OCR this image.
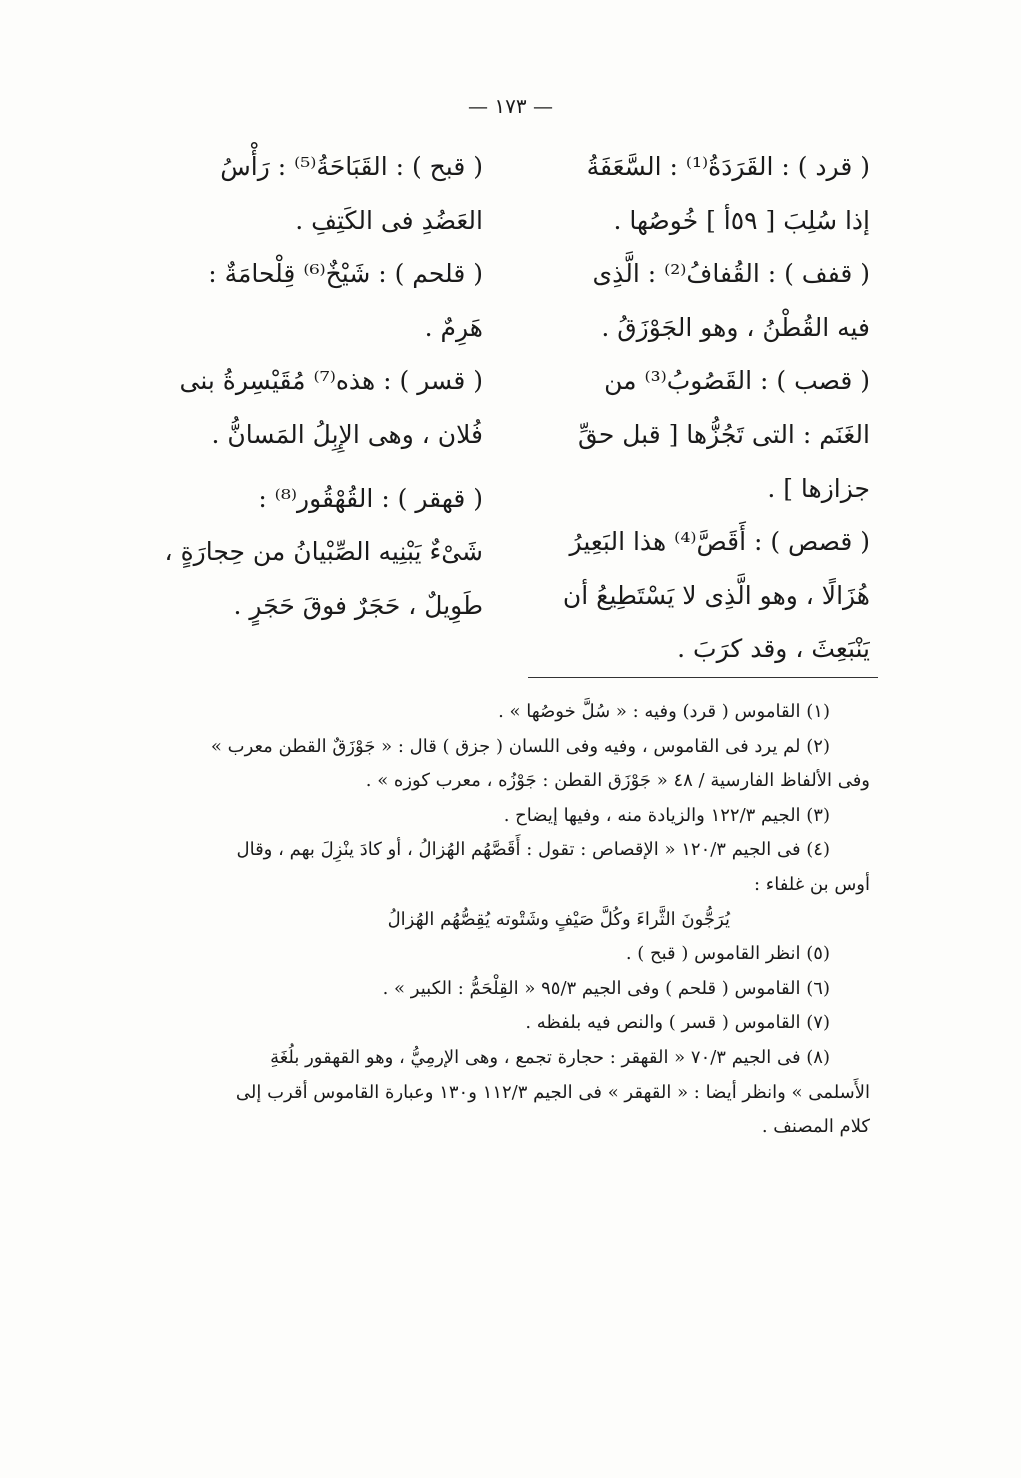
— ١٧٣ —
( قرد ) : القَرَدَةُ⁽¹⁾ : السَّعَفَةُ
إذا سُلِبَ [ ٥٩أ ] خُوصُها .
( قفف ) : القُفافُ⁽²⁾ : الَّذِى
فيه القُطْنُ ، وهو الجَوْزَقُ .
( قصب ) : القَصُوبُ⁽³⁾ من
الغَنَم : التى تَجُزُّها [ قبل حقِّ
جزازها ] .
( قصص ) : أَقَصَّ⁽⁴⁾ هذا البَعِيرُ
هُزَالًا ، وهو الَّذِى لا يَسْتَطِيعُ أن
يَنْبَعِثَ ، وقد كرَبَ .
( قبح ) : القَبَاحَةُ⁽⁵⁾ : رَأْسُ
العَضُدِ فى الكَتِفِ .
( قلحم ) : شَيْخٌ⁽⁶⁾ قِلْحامَةٌ :
هَرِمٌ .
( قسر ) : هذه⁽⁷⁾ مُقَيْسِرةُ بنى
فُلان ، وهى الإِبِلُ المَسانُّ .
( قهقر ) : القُهْقُور⁽⁸⁾ :
شَىْءٌ يَبْنِيه الصِّبْيانُ من حِجارَةٍ ،
طَوِيلٌ ، حَجَرٌ فوقَ حَجَرٍ .
(١) القاموس ( قرد) وفيه : « سُلَّ خوصُها » .
(٢) لم يرد فى القاموس ، وفيه وفى اللسان ( جزق ) قال : « جَوْزَقٌ القطن معرب »
وفى الألفاظ الفارسية / ٤٨ « جَوْزَق القطن : جَوْزُه ، معرب كوزه » .
(٣) الجيم ١٢٢/٣ والزيادة منه ، وفيها إيضاح .
(٤) فى الجيم ١٢٠/٣ « الإقصاص : تقول : أَقَصَّهُم الهُزالُ ، أو كادَ ينْزِلَ بهم ، وقال
أوس بن غلفاء :
يُرَجُّونَ الثَّراءَ وكُلَّ صَيْفٍ وشَتْوته يُقِصُّهُم الهُزالُ
(٥) انظر القاموس ( قبح ) .
(٦) القاموس ( قلحم ) وفى الجيم ٩٥/٣ « القِلْحَمُّ : الكبير » .
(٧) القاموس ( قسر ) والنص فيه بلفظه .
(٨) فى الجيم ٧٠/٣ « القهقر : حجارة تجمع ، وهى الإرمِيُّ ، وهو القهقور بلُغَةِ
الأَسلمى » وانظر أيضا : « القهقر » فى الجيم ١١٢/٣ و١٣٠ وعبارة القاموس أقرب إلى
كلام المصنف .
